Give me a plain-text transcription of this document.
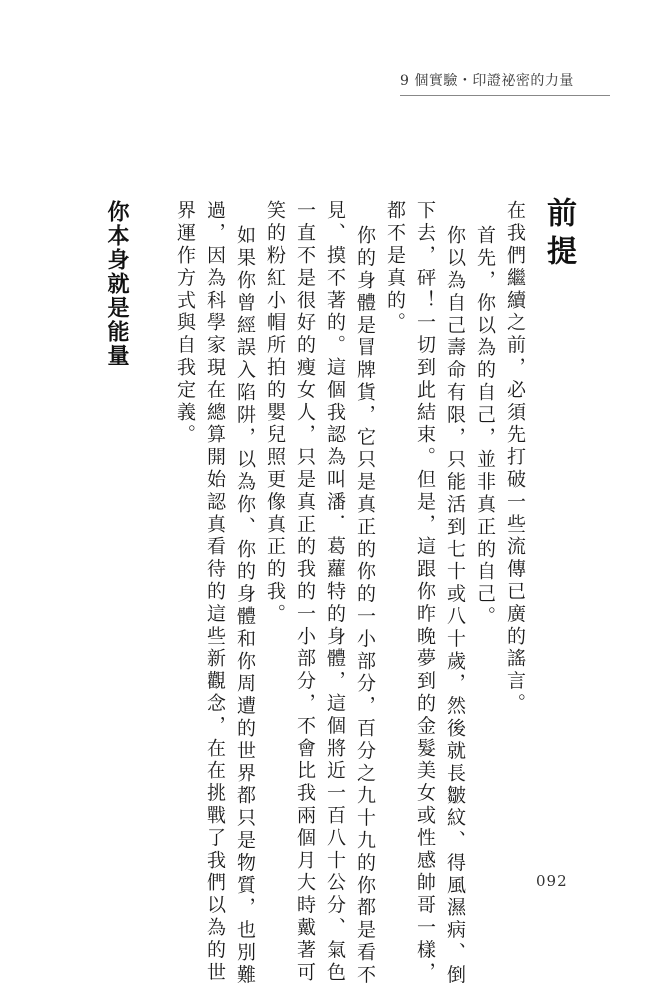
9 個實驗・印證祕密的力量
前提
在我們繼續之前，必須先打破一些流傳已廣的謠言。
首先，你以為的自己，並非真正的自己。
你以為自己壽命有限，只能活到七十或八十歲，然後就長皺紋、得風濕病、倒
下去，砰！一切到此結束。但是，這跟你昨晚夢到的金髮美女或性感帥哥一樣，
都不是真的。
你的身體是冒牌貨，它只是真正的你的一小部分，百分之九十九的你都是看不
見、摸不著的。這個我認為叫潘．葛蘿特的身體，這個將近一百八十公分、氣色
一直不是很好的瘦女人，只是真正的我的一小部分，不會比我兩個月大時戴著可
笑的粉紅小帽所拍的嬰兒照更像真正的我。
如果你曾經誤入陷阱，以為你、你的身體和你周遭的世界都只是物質，也別難
過，因為科學家現在總算開始認真看待的這些新觀念，在在挑戰了我們以為的世
界運作方式與自我定義。
你本身就是能量
092
